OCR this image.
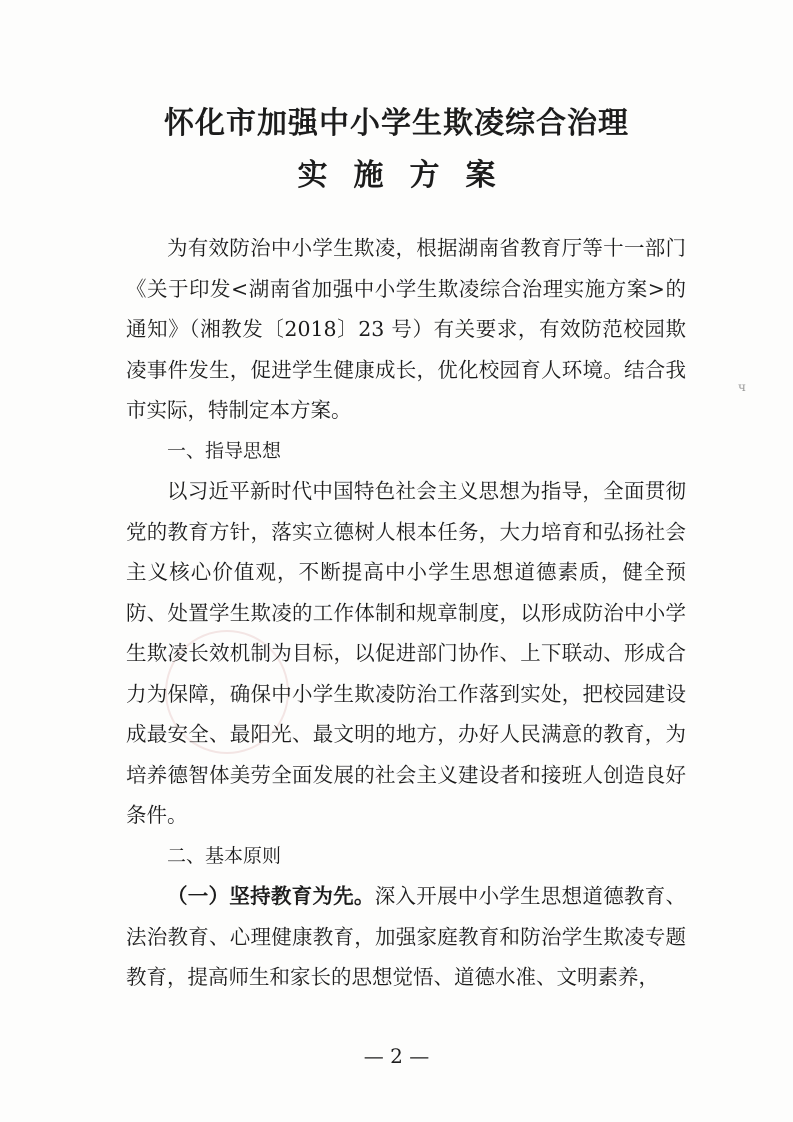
ч
怀化市加强中小学生欺凌综合治理
实施方案

为有效防治中小学生欺凌，根据湖南省教育厅等十一部门《关于印发<湖南省加强中小学生欺凌综合治理实施方案>的通知》（湘教发〔2018〕23 号）有关要求，有效防范校园欺凌事件发生，促进学生健康成长，优化校园育人环境。结合我市实际，特制定本方案。

一、指导思想

以习近平新时代中国特色社会主义思想为指导，全面贯彻党的教育方针，落实立德树人根本任务，大力培育和弘扬社会主义核心价值观，不断提高中小学生思想道德素质，健全预防、处置学生欺凌的工作体制和规章制度，以形成防治中小学生欺凌长效机制为目标，以促进部门协作、上下联动、形成合力为保障，确保中小学生欺凌防治工作落到实处，把校园建设成最安全、最阳光、最文明的地方，办好人民满意的教育，为培养德智体美劳全面发展的社会主义建设者和接班人创造良好条件。

二、基本原则

（一）坚持教育为先。深入开展中小学生思想道德教育、法治教育、心理健康教育，加强家庭教育和防治学生欺凌专题教育，提高师生和家长的思想觉悟、道德水准、文明素养，

— 2 —
